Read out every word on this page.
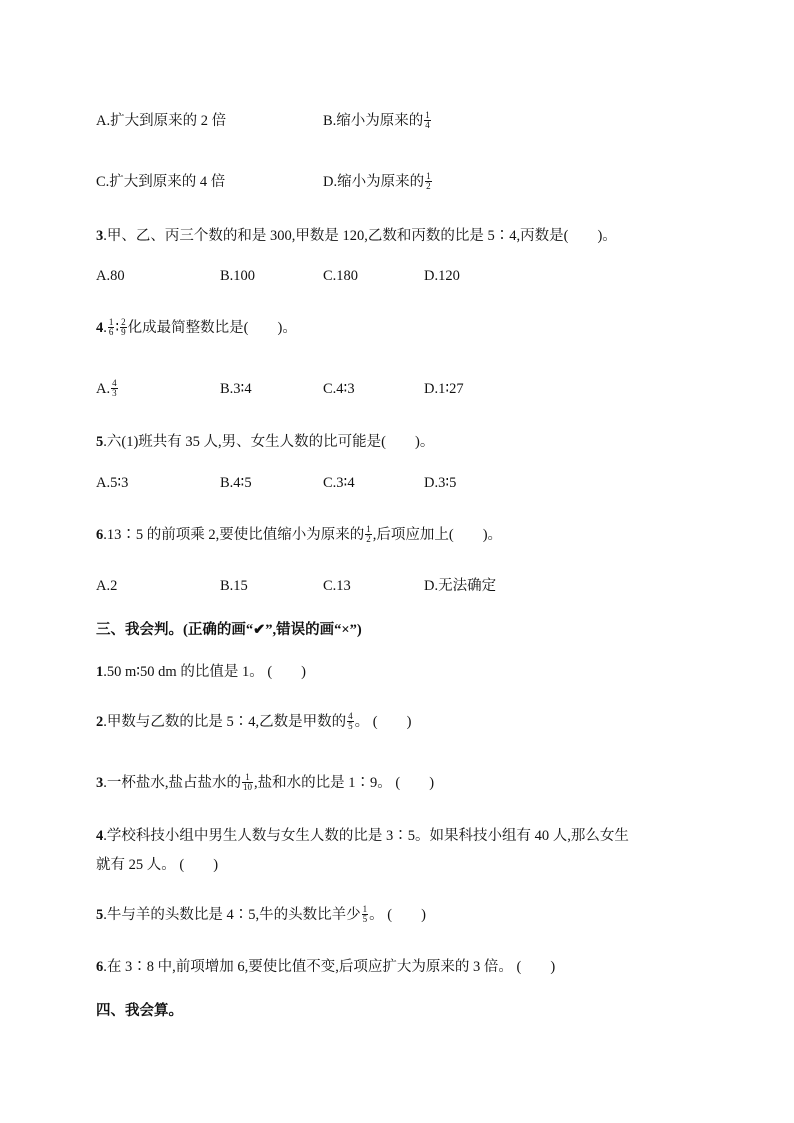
A.扩大到原来的 2 倍	B.缩小为原来的 $\frac{1}{4}$
C.扩大到原来的 4 倍	D.缩小为原来的 $\frac{1}{2}$
3.甲、乙、丙三个数的和是 300,甲数是 120,乙数和丙数的比是 5∶4,丙数是(　　)。
A.80	B.100	C.180	D.120
4. $\frac{1}{6}$ ∶ $\frac{2}{9}$ 化成最简整数比是(　　)。
A. $\frac{4}{3}$	B.3∶4	C.4∶3	D.1∶27
5.六(1)班共有 35 人,男、女生人数的比可能是(　　)。
A.5∶3	B.4∶5	C.3∶4	D.3∶5
6.13∶5 的前项乘 2,要使比值缩小为原来的 $\frac{1}{2}$ ,后项应加上(　　)。
A.2	B.15	C.13	D.无法确定
三、我会判。(正确的画“✔”,错误的画“×”)
1.50 m∶50 dm 的比值是 1。 (　　)
2.甲数与乙数的比是 5∶4,乙数是甲数的 $\frac{4}{5}$ 。 (　　)
3.一杯盐水,盐占盐水的 $\frac{1}{10}$ ,盐和水的比是 1∶9。 (　　)
4.学校科技小组中男生人数与女生人数的比是 3∶5。如果科技小组有 40 人,那么女生
就有 25 人。 (　　)
5.牛与羊的头数比是 4∶5,牛的头数比羊少 $\frac{1}{5}$ 。 (　　)
6.在 3∶8 中,前项增加 6,要使比值不变,后项应扩大为原来的 3 倍。 (　　)
四、我会算。
